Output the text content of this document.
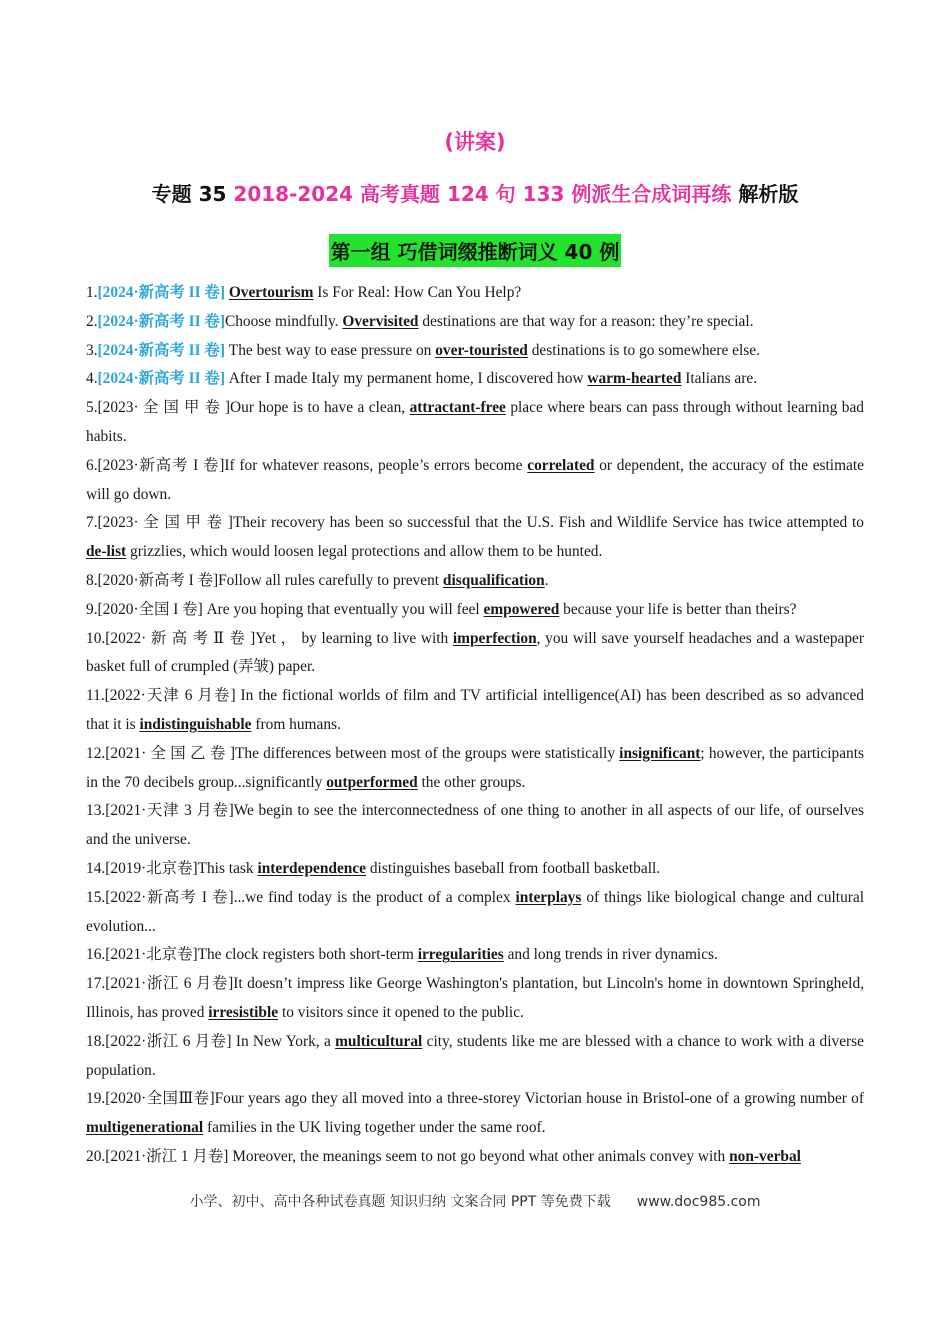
(讲案)
专题 35 2018-2024 高考真题 124 句 133 例派生合成词再练 解析版
第一组 巧借词缀推断词义 40 例
1.[2024·新高考 II 卷] Overtourism Is For Real: How Can You Help?
2.[2024·新高考 II 卷]Choose mindfully. Overvisited destinations are that way for a reason: they’re special.
3.[2024·新高考 II 卷] The best way to ease pressure on over-touristed destinations is to go somewhere else.
4.[2024·新高考 II 卷] After I made Italy my permanent home, I discovered how warm-hearted Italians are.
5.[2023· 全 国 甲 卷 ]Our hope is to have a clean, attractant-free place where bears can pass through without learning bad habits.
6.[2023·新高考 I 卷]If for whatever reasons, people’s errors become correlated or dependent, the accuracy of the estimate will go down.
7.[2023· 全 国 甲 卷 ]Their recovery has been so successful that the U.S. Fish and Wildlife Service has twice attempted to de-list grizzlies, which would loosen legal protections and allow them to be hunted.
8.[2020·新高考 I 卷]Follow all rules carefully to prevent disqualification.
9.[2020·全国 I 卷] Are you hoping that eventually you will feel empowered because your life is better than theirs?
10.[2022· 新 高 考 Ⅱ 卷 ]Yet ， by learning to live with imperfection, you will save yourself headaches and a wastepaper basket full of crumpled (弄皱) paper.
11.[2022·天津 6 月卷] In the fictional worlds of film and TV artificial intelligence(AI) has been described as so advanced that it is indistinguishable from humans.
12.[2021· 全 国 乙 卷 ]The differences between most of the groups were statistically insignificant; however, the participants in the 70 decibels group...significantly outperformed the other groups.
13.[2021·天津 3 月卷]We begin to see the interconnectedness of one thing to another in all aspects of our life, of ourselves and the universe.
14.[2019·北京卷]This task interdependence distinguishes baseball from football basketball.
15.[2022·新高考 I 卷]...we find today is the product of a complex interplays of things like biological change and cultural evolution...
16.[2021·北京卷]The clock registers both short-term irregularities and long trends in river dynamics.
17.[2021·浙江 6 月卷]It doesn’t impress like George Washington's plantation, but Lincoln's home in downtown Springheld, Illinois, has proved irresistible to visitors since it opened to the public.
18.[2022·浙江 6 月卷] In New York, a multicultural city, students like me are blessed with a chance to work with a diverse population.
19.[2020·全国Ⅲ卷]Four years ago they all moved into a three-storey Victorian house in Bristol-one of a growing number of multigenerational families in the UK living together under the same roof.
20.[2021·浙江 1 月卷] Moreover, the meanings seem to not go beyond what other animals convey with non-verbal
小学、初中、高中各种试卷真题 知识归纳 文案合同 PPT 等免费下载 www.doc985.com
